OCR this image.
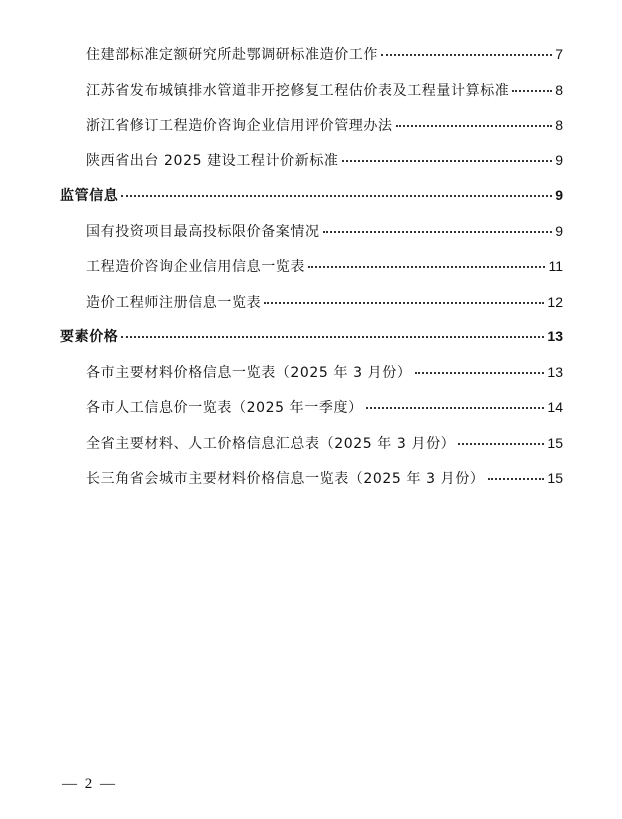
住建部标准定额研究所赴鄂调研标准造价工作	7
江苏省发布城镇排水管道非开挖修复工程估价表及工程量计算标准	8
浙江省修订工程造价咨询企业信用评价管理办法	8
陕西省出台 2025 建设工程计价新标准	9
监管信息	9
国有投资项目最高投标限价备案情况	9
工程造价咨询企业信用信息一览表	11
造价工程师注册信息一览表	12
要素价格	13
各市主要材料价格信息一览表（2025 年 3 月份）	13
各市人工信息价一览表（2025 年一季度）	14
全省主要材料、人工价格信息汇总表（2025 年 3 月份）	15
长三角省会城市主要材料价格信息一览表（2025 年 3 月份）	15
— 2 —
